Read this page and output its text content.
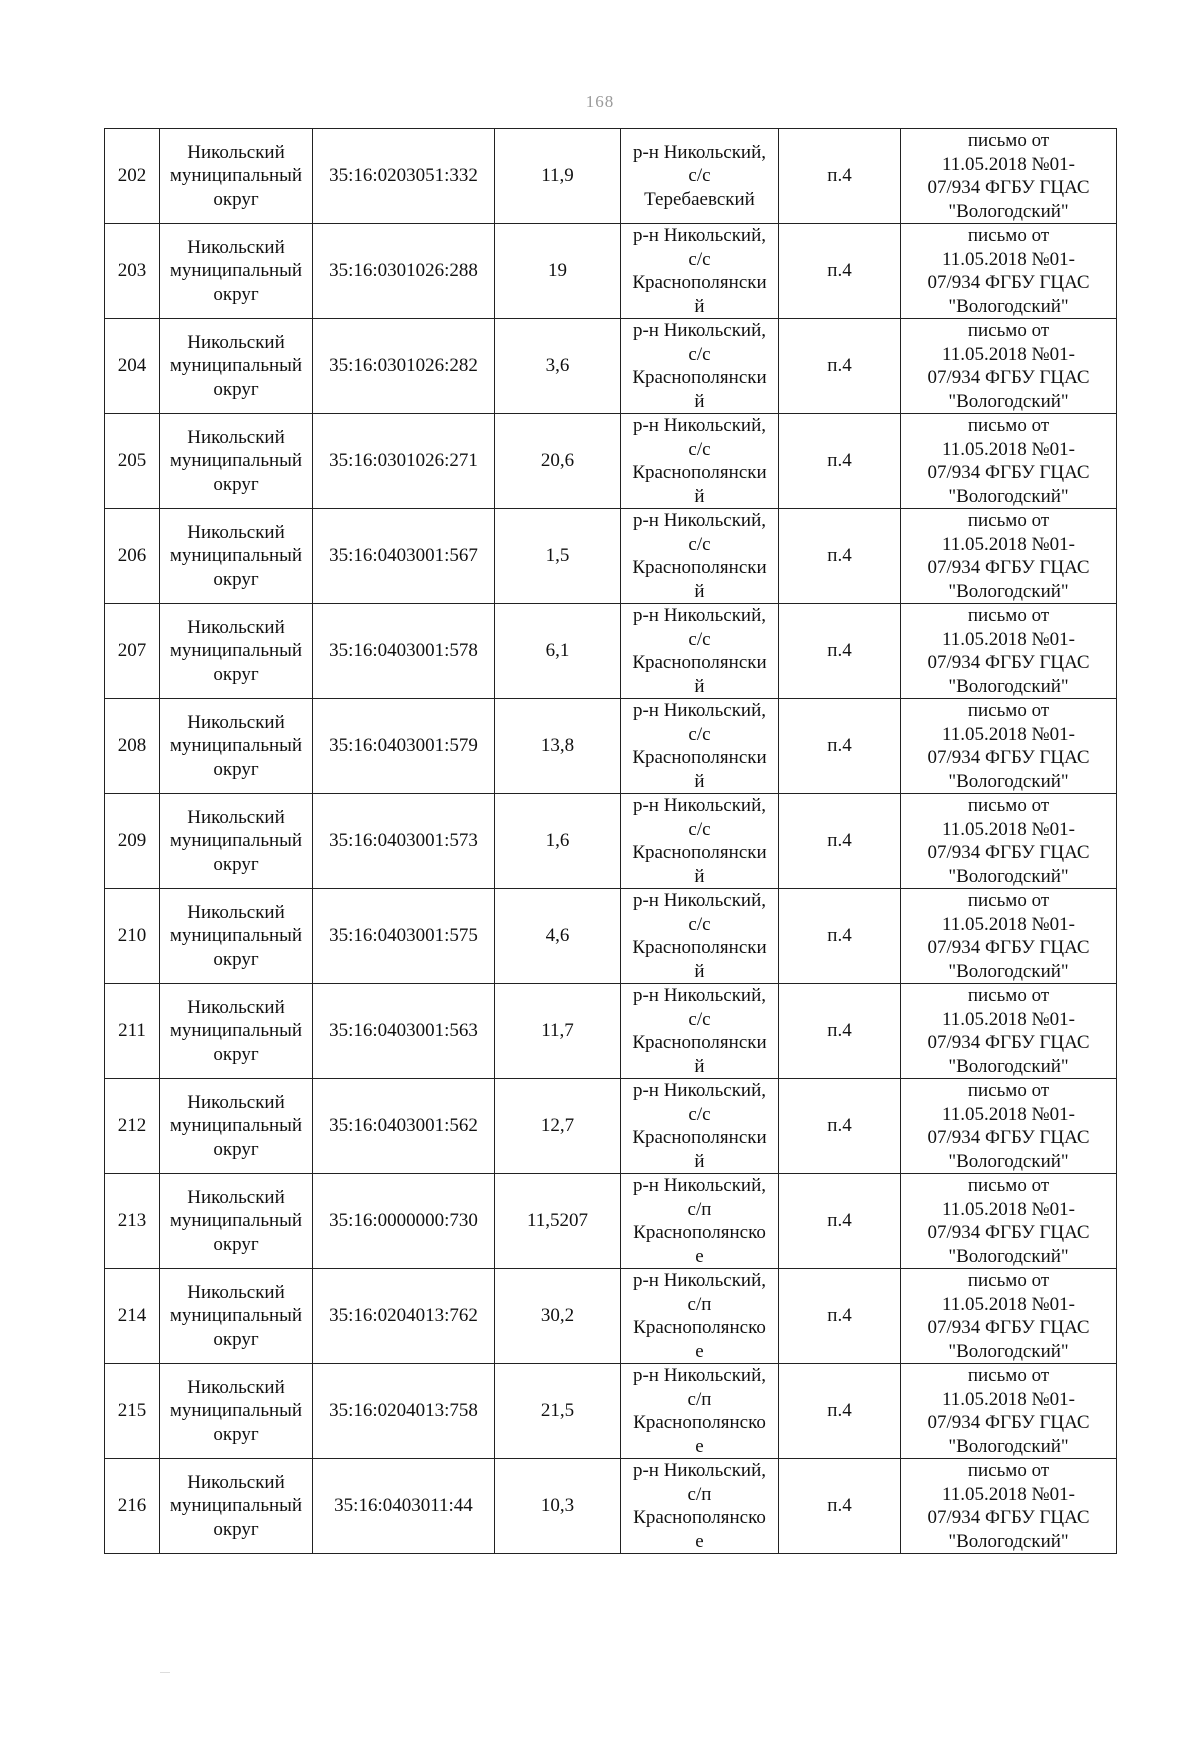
168
202	Никольский
муниципальный
округ	35:16:0203051:332	11,9	р-н Никольский,
с/с
Теребаевский	п.4	письмо от
11.05.2018 №01-
07/934 ФГБУ ГЦАС
"Вологодский"
203	Никольский
муниципальный
округ	35:16:0301026:288	19	р-н Никольский,
с/с
Краснополянски
й	п.4	письмо от
11.05.2018 №01-
07/934 ФГБУ ГЦАС
"Вологодский"
204	Никольский
муниципальный
округ	35:16:0301026:282	3,6	р-н Никольский,
с/с
Краснополянски
й	п.4	письмо от
11.05.2018 №01-
07/934 ФГБУ ГЦАС
"Вологодский"
205	Никольский
муниципальный
округ	35:16:0301026:271	20,6	р-н Никольский,
с/с
Краснополянски
й	п.4	письмо от
11.05.2018 №01-
07/934 ФГБУ ГЦАС
"Вологодский"
206	Никольский
муниципальный
округ	35:16:0403001:567	1,5	р-н Никольский,
с/с
Краснополянски
й	п.4	письмо от
11.05.2018 №01-
07/934 ФГБУ ГЦАС
"Вологодский"
207	Никольский
муниципальный
округ	35:16:0403001:578	6,1	р-н Никольский,
с/с
Краснополянски
й	п.4	письмо от
11.05.2018 №01-
07/934 ФГБУ ГЦАС
"Вологодский"
208	Никольский
муниципальный
округ	35:16:0403001:579	13,8	р-н Никольский,
с/с
Краснополянски
й	п.4	письмо от
11.05.2018 №01-
07/934 ФГБУ ГЦАС
"Вологодский"
209	Никольский
муниципальный
округ	35:16:0403001:573	1,6	р-н Никольский,
с/с
Краснополянски
й	п.4	письмо от
11.05.2018 №01-
07/934 ФГБУ ГЦАС
"Вологодский"
210	Никольский
муниципальный
округ	35:16:0403001:575	4,6	р-н Никольский,
с/с
Краснополянски
й	п.4	письмо от
11.05.2018 №01-
07/934 ФГБУ ГЦАС
"Вологодский"
211	Никольский
муниципальный
округ	35:16:0403001:563	11,7	р-н Никольский,
с/с
Краснополянски
й	п.4	письмо от
11.05.2018 №01-
07/934 ФГБУ ГЦАС
"Вологодский"
212	Никольский
муниципальный
округ	35:16:0403001:562	12,7	р-н Никольский,
с/с
Краснополянски
й	п.4	письмо от
11.05.2018 №01-
07/934 ФГБУ ГЦАС
"Вологодский"
213	Никольский
муниципальный
округ	35:16:0000000:730	11,5207	р-н Никольский,
с/п
Краснополянско
е	п.4	письмо от
11.05.2018 №01-
07/934 ФГБУ ГЦАС
"Вологодский"
214	Никольский
муниципальный
округ	35:16:0204013:762	30,2	р-н Никольский,
с/п
Краснополянско
е	п.4	письмо от
11.05.2018 №01-
07/934 ФГБУ ГЦАС
"Вологодский"
215	Никольский
муниципальный
округ	35:16:0204013:758	21,5	р-н Никольский,
с/п
Краснополянско
е	п.4	письмо от
11.05.2018 №01-
07/934 ФГБУ ГЦАС
"Вологодский"
216	Никольский
муниципальный
округ	35:16:0403011:44	10,3	р-н Никольский,
с/п
Краснополянско
е	п.4	письмо от
11.05.2018 №01-
07/934 ФГБУ ГЦАС
"Вологодский"
